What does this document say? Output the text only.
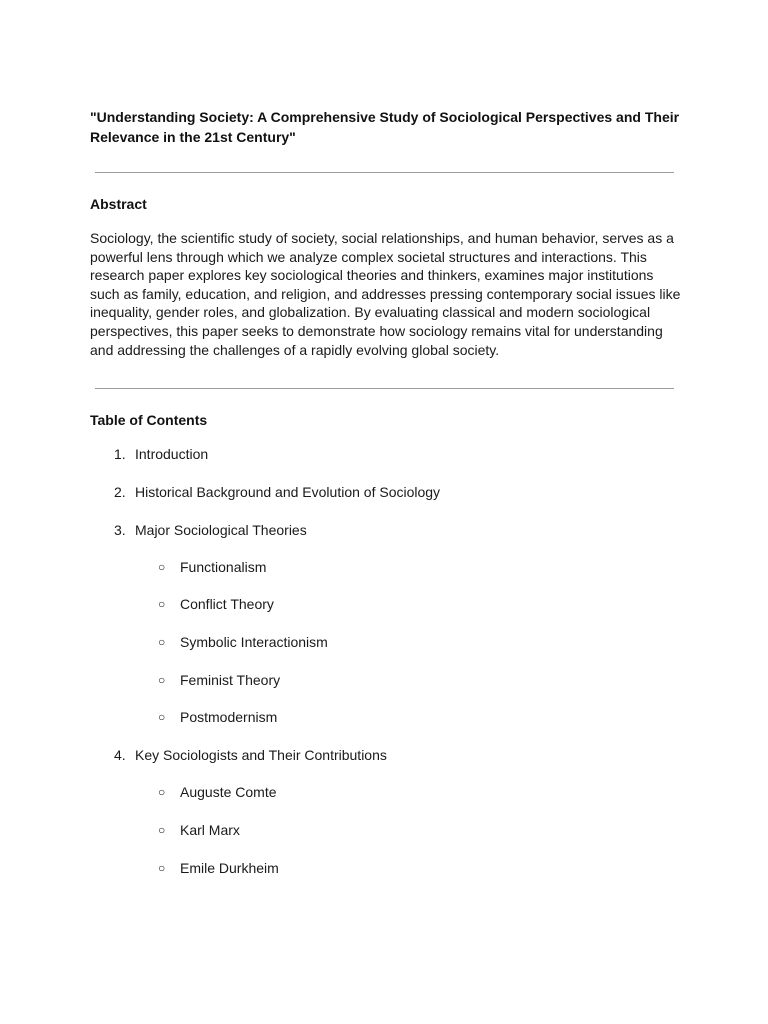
"Understanding Society: A Comprehensive Study of Sociological Perspectives and Their Relevance in the 21st Century"

Abstract

Sociology, the scientific study of society, social relationships, and human behavior, serves as a powerful lens through which we analyze complex societal structures and interactions. This research paper explores key sociological theories and thinkers, examines major institutions such as family, education, and religion, and addresses pressing contemporary social issues like inequality, gender roles, and globalization. By evaluating classical and modern sociological perspectives, this paper seeks to demonstrate how sociology remains vital for understanding and addressing the challenges of a rapidly evolving global society.

Table of Contents

1. Introduction
2. Historical Background and Evolution of Sociology
3. Major Sociological Theories
○ Functionalism
○ Conflict Theory
○ Symbolic Interactionism
○ Feminist Theory
○ Postmodernism
4. Key Sociologists and Their Contributions
○ Auguste Comte
○ Karl Marx
○ Emile Durkheim
